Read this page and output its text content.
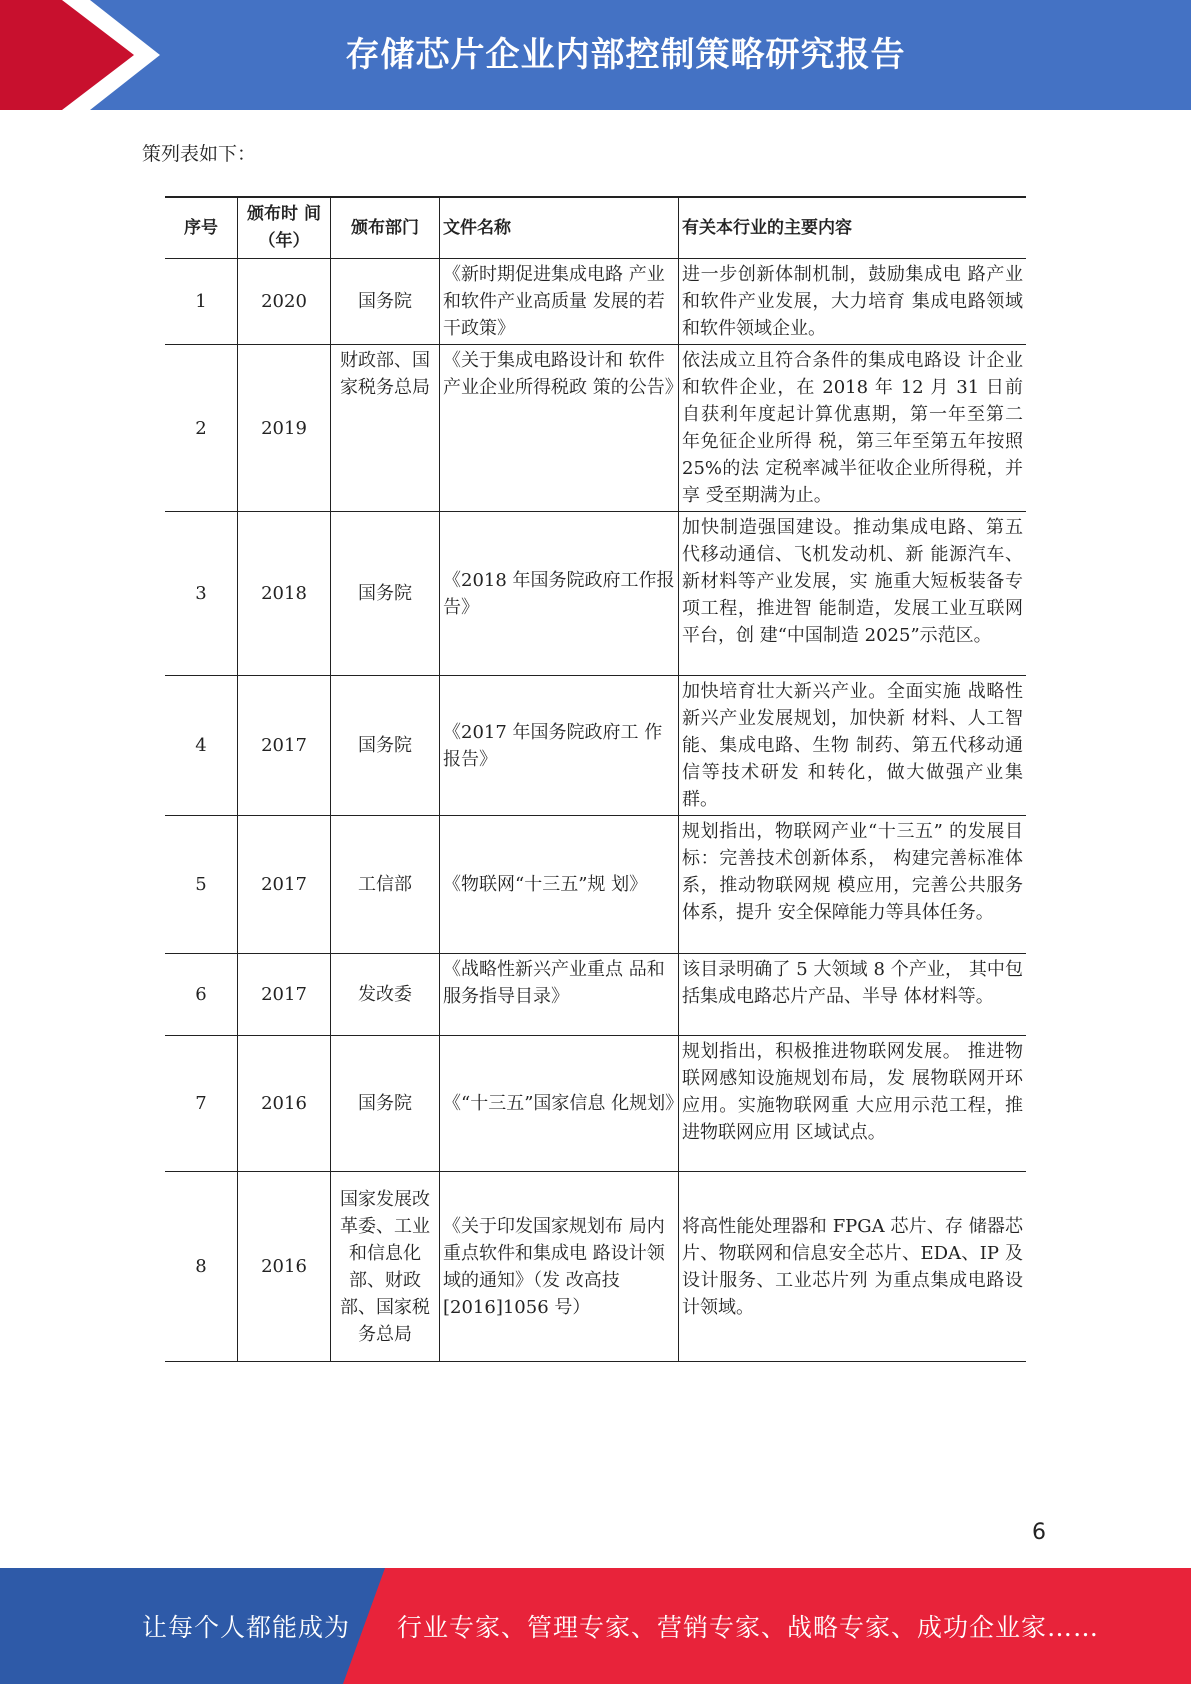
存储芯片企业内部控制策略研究报告
策列表如下：
序号	颁布时 间（年）	颁布部门	文件名称	有关本行业的主要内容
1	2020	国务院	《新时期促进集成电路 产业和软件产业高质量 发展的若干政策》	进一步创新体制机制，鼓励集成电 路产业和软件产业发展，大力培育 集成电路领域和软件领域企业。
2	2019	财政部、国家税务总局	《关于集成电路设计和 软件产业企业所得税政 策的公告》	依法成立且符合条件的集成电路设 计企业和软件企业，在 2018 年 12 月 31 日前自获利年度起计算优惠期，第一年至第二年免征企业所得 税，第三年至第五年按照 25%的法 定税率减半征收企业所得税，并享 受至期满为止。
3	2018	国务院	《2018 年国务院政府工作报告》	加快制造强国建设。推动集成电路、第五代移动通信、飞机发动机、新 能源汽车、新材料等产业发展，实 施重大短板装备专项工程，推进智 能制造，发展工业互联网平台，创 建“中国制造 2025”示范区。
4	2017	国务院	《2017 年国务院政府工 作报告》	加快培育壮大新兴产业。全面实施 战略性新兴产业发展规划，加快新 材料、人工智能、集成电路、生物 制药、第五代移动通信等技术研发 和转化，做大做强产业集群。
5	2017	工信部	《物联网“十三五”规 划》	规划指出，物联网产业“十三五” 的发展目标：完善技术创新体系， 构建完善标准体系，推动物联网规 模应用，完善公共服务体系，提升 安全保障能力等具体任务。
6	2017	发改委	《战略性新兴产业重点 品和服务指导目录》	该目录明确了 5 大领域 8 个产业， 其中包括集成电路芯片产品、半导 体材料等。
7	2016	国务院	《“十三五”国家信息 化规划》	规划指出，积极推进物联网发展。 推进物联网感知设施规划布局，发 展物联网开环应用。实施物联网重 大应用示范工程，推进物联网应用 区域试点。
8	2016	国家发展改革委、工业和信息化部、财政部、国家税务总局	《关于印发国家规划布 局内重点软件和集成电 路设计领域的通知》（发 改高技[2016]1056 号）	将高性能处理器和 FPGA 芯片、存 储器芯片、物联网和信息安全芯片、EDA、IP 及设计服务、工业芯片列 为重点集成电路设计领域。
6
让每个人都能成为 行业专家、管理专家、营销专家、战略专家、成功企业家……
